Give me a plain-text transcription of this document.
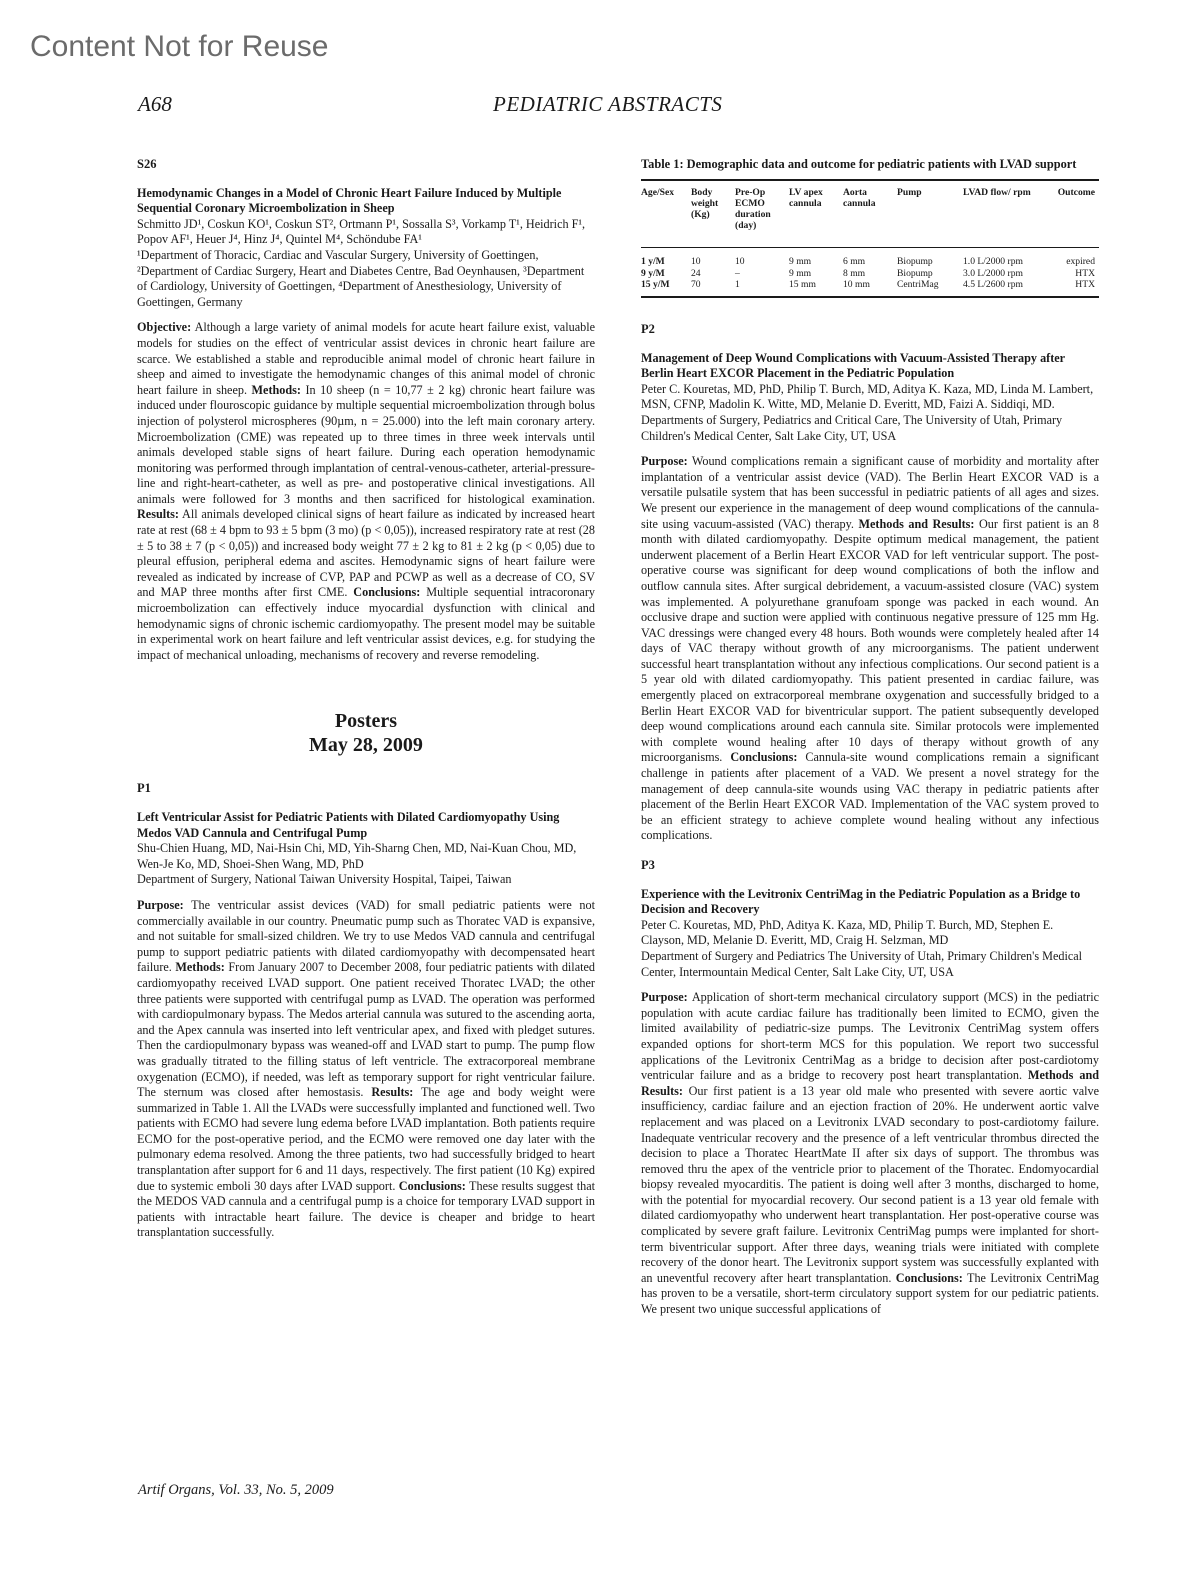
Content Not for Reuse
A68	PEDIATRIC ABSTRACTS

S26

Hemodynamic Changes in a Model of Chronic Heart Failure Induced by Multiple Sequential Coronary Microembolization in Sheep

Schmitto JD¹, Coskun KO¹, Coskun ST², Ortmann P¹, Sossalla S³, Vorkamp T¹, Heidrich F¹, Popov AF¹, Heuer J⁴, Hinz J⁴, Quintel M⁴, Schöndube FA¹

¹Department of Thoracic, Cardiac and Vascular Surgery, University of Goettingen, ²Department of Cardiac Surgery, Heart and Diabetes Centre, Bad Oeynhausen, ³Department of Cardiology, University of Goettingen, ⁴Department of Anesthesiology, University of Goettingen, Germany

Objective: Although a large variety of animal models for acute heart failure exist, valuable models for studies on the effect of ventricular assist devices in chronic heart failure are scarce. We established a stable and reproducible animal model of chronic heart failure in sheep and aimed to investigate the hemodynamic changes of this animal model of chronic heart failure in sheep. Methods: In 10 sheep (n = 10,77 ± 2 kg) chronic heart failure was induced under flouroscopic guidance by multiple sequential microembolization through bolus injection of polysterol microspheres (90µm, n = 25.000) into the left main coronary artery. Microembolization (CME) was repeated up to three times in three week intervals until animals developed stable signs of heart failure. During each operation hemodynamic monitoring was performed through implantation of central-venous-catheter, arterial-pressure-line and right-heart-catheter, as well as pre- and postoperative clinical investigations. All animals were followed for 3 months and then sacrificed for histological examination. Results: All animals developed clinical signs of heart failure as indicated by increased heart rate at rest (68 ± 4 bpm to 93 ± 5 bpm (3 mo) (p < 0,05)), increased respiratory rate at rest (28 ± 5 to 38 ± 7 (p < 0,05)) and increased body weight 77 ± 2 kg to 81 ± 2 kg (p < 0,05) due to pleural effusion, peripheral edema and ascites. Hemodynamic signs of heart failure were revealed as indicated by increase of CVP, PAP and PCWP as well as a decrease of CO, SV and MAP three months after first CME. Conclusions: Multiple sequential intracoronary microembolization can effectively induce myocardial dysfunction with clinical and hemodynamic signs of chronic ischemic cardiomyopathy. The present model may be suitable in experimental work on heart failure and left ventricular assist devices, e.g. for studying the impact of mechanical unloading, mechanisms of recovery and reverse remodeling.

Posters
May 28, 2009

P1

Left Ventricular Assist for Pediatric Patients with Dilated Cardiomyopathy Using Medos VAD Cannula and Centrifugal Pump

Shu-Chien Huang, MD, Nai-Hsin Chi, MD, Yih-Sharng Chen, MD, Nai-Kuan Chou, MD, Wen-Je Ko, MD, Shoei-Shen Wang, MD, PhD

Department of Surgery, National Taiwan University Hospital, Taipei, Taiwan

Purpose: The ventricular assist devices (VAD) for small pediatric patients were not commercially available in our country. Pneumatic pump such as Thoratec VAD is expansive, and not suitable for small-sized children. We try to use Medos VAD cannula and centrifugal pump to support pediatric patients with dilated cardiomyopathy with decompensated heart failure. Methods: From January 2007 to December 2008, four pediatric patients with dilated cardiomyopathy received LVAD support. One patient received Thoratec LVAD; the other three patients were supported with centrifugal pump as LVAD. The operation was performed with cardiopulmonary bypass. The Medos arterial cannula was sutured to the ascending aorta, and the Apex cannula was inserted into left ventricular apex, and fixed with pledget sutures. Then the cardiopulmonary bypass was weaned-off and LVAD start to pump. The pump flow was gradually titrated to the filling status of left ventricle. The extracorporeal membrane oxygenation (ECMO), if needed, was left as temporary support for right ventricular failure. The sternum was closed after hemostasis. Results: The age and body weight were summarized in Table 1. All the LVADs were successfully implanted and functioned well. Two patients with ECMO had severe lung edema before LVAD implantation. Both patients require ECMO for the post-operative period, and the ECMO were removed one day later with the pulmonary edema resolved. Among the three patients, two had successfully bridged to heart transplantation after support for 6 and 11 days, respectively. The first patient (10 Kg) expired due to systemic emboli 30 days after LVAD support. Conclusions: These results suggest that the MEDOS VAD cannula and a centrifugal pump is a choice for temporary LVAD support in patients with intractable heart failure. The device is cheaper and bridge to heart transplantation successfully.

Table 1: Demographic data and outcome for pediatric patients with LVAD support

Age/Sex	Body weight (Kg)	Pre-Op ECMO duration (day)	LV apex cannula	Aorta cannula	Pump	LVAD flow/ rpm	Outcome
1 y/M	10	10	9 mm	6 mm	Biopump	1.0 L/2000 rpm	expired
9 y/M	24	–	9 mm	8 mm	Biopump	3.0 L/2000 rpm	HTX
15 y/M	70	1	15 mm	10 mm	CentriMag	4.5 L/2600 rpm	HTX

P2

Management of Deep Wound Complications with Vacuum-Assisted Therapy after Berlin Heart EXCOR Placement in the Pediatric Population

Peter C. Kouretas, MD, PhD, Philip T. Burch, MD, Aditya K. Kaza, MD, Linda M. Lambert, MSN, CFNP, Madolin K. Witte, MD, Melanie D. Everitt, MD, Faizi A. Siddiqi, MD.

Departments of Surgery, Pediatrics and Critical Care, The University of Utah, Primary Children's Medical Center, Salt Lake City, UT, USA

Purpose: Wound complications remain a significant cause of morbidity and mortality after implantation of a ventricular assist device (VAD). The Berlin Heart EXCOR VAD is a versatile pulsatile system that has been successful in pediatric patients of all ages and sizes. We present our experience in the management of deep wound complications of the cannula-site using vacuum-assisted (VAC) therapy. Methods and Results: Our first patient is an 8 month with dilated cardiomyopathy. Despite optimum medical management, the patient underwent placement of a Berlin Heart EXCOR VAD for left ventricular support. The post-operative course was significant for deep wound complications of both the inflow and outflow cannula sites. After surgical debridement, a vacuum-assisted closure (VAC) system was implemented. A polyurethane granufoam sponge was packed in each wound. An occlusive drape and suction were applied with continuous negative pressure of 125 mm Hg. VAC dressings were changed every 48 hours. Both wounds were completely healed after 14 days of VAC therapy without growth of any microorganisms. The patient underwent successful heart transplantation without any infectious complications. Our second patient is a 5 year old with dilated cardiomyopathy. This patient presented in cardiac failure, was emergently placed on extracorporeal membrane oxygenation and successfully bridged to a Berlin Heart EXCOR VAD for biventricular support. The patient subsequently developed deep wound complications around each cannula site. Similar protocols were implemented with complete wound healing after 10 days of therapy without growth of any microorganisms. Conclusions: Cannula-site wound complications remain a significant challenge in patients after placement of a VAD. We present a novel strategy for the management of deep cannula-site wounds using VAC therapy in pediatric patients after placement of the Berlin Heart EXCOR VAD. Implementation of the VAC system proved to be an efficient strategy to achieve complete wound healing without any infectious complications.

P3

Experience with the Levitronix CentriMag in the Pediatric Population as a Bridge to Decision and Recovery

Peter C. Kouretas, MD, PhD, Aditya K. Kaza, MD, Philip T. Burch, MD, Stephen E. Clayson, MD, Melanie D. Everitt, MD, Craig H. Selzman, MD

Department of Surgery and Pediatrics The University of Utah, Primary Children's Medical Center, Intermountain Medical Center, Salt Lake City, UT, USA

Purpose: Application of short-term mechanical circulatory support (MCS) in the pediatric population with acute cardiac failure has traditionally been limited to ECMO, given the limited availability of pediatric-size pumps. The Levitronix CentriMag system offers expanded options for short-term MCS for this population. We report two successful applications of the Levitronix CentriMag as a bridge to decision after post-cardiotomy ventricular failure and as a bridge to recovery post heart transplantation. Methods and Results: Our first patient is a 13 year old male who presented with severe aortic valve insufficiency, cardiac failure and an ejection fraction of 20%. He underwent aortic valve replacement and was placed on a Levitronix LVAD secondary to post-cardiotomy failure. Inadequate ventricular recovery and the presence of a left ventricular thrombus directed the decision to place a Thoratec HeartMate II after six days of support. The thrombus was removed thru the apex of the ventricle prior to placement of the Thoratec. Endomyocardial biopsy revealed myocarditis. The patient is doing well after 3 months, discharged to home, with the potential for myocardial recovery. Our second patient is a 13 year old female with dilated cardiomyopathy who underwent heart transplantation. Her post-operative course was complicated by severe graft failure. Levitronix CentriMag pumps were implanted for short-term biventricular support. After three days, weaning trials were initiated with complete recovery of the donor heart. The Levitronix support system was successfully explanted with an uneventful recovery after heart transplantation. Conclusions: The Levitronix CentriMag has proven to be a versatile, short-term circulatory support system for our pediatric patients. We present two unique successful applications of

Artif Organs, Vol. 33, No. 5, 2009
